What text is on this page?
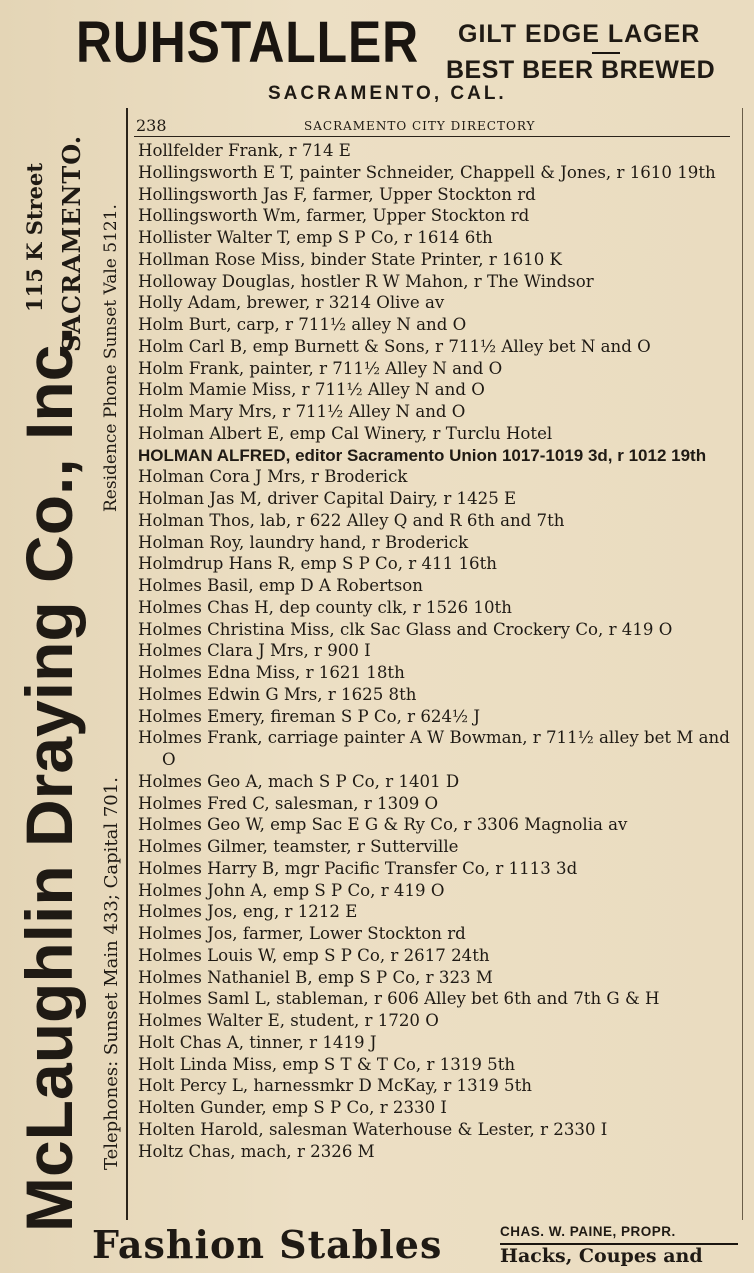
RUHSTALLER GILT EDGE LAGER
BEST BEER BREWED
SACRAMENTO, CAL.
McLaughlin Draying Co., Inc. Telephones: Sunset Main 433; Capital 701.
Residence Phone Sunset Vale 5121.
115 K Street SACRAMENTO.
238	SACRAMENTO CITY DIRECTORY
Hollfelder Frank, r 714 E
Hollingsworth E T, painter Schneider, Chappell & Jones, r 1610 19th
Hollingsworth Jas F, farmer, Upper Stockton rd
Hollingsworth Wm, farmer, Upper Stockton rd
Hollister Walter T, emp S P Co, r 1614 6th
Hollman Rose Miss, binder State Printer, r 1610 K
Holloway Douglas, hostler R W Mahon, r The Windsor
Holly Adam, brewer, r 3214 Olive av
Holm Burt, carp, r 711½ alley N and O
Holm Carl B, emp Burnett & Sons, r 711½ Alley bet N and O
Holm Frank, painter, r 711½ Alley N and O
Holm Mamie Miss, r 711½ Alley N and O
Holm Mary Mrs, r 711½ Alley N and O
Holman Albert E, emp Cal Winery, r Turclu Hotel
HOLMAN ALFRED, editor Sacramento Union 1017-1019 3d, r 1012 19th
Holman Cora J Mrs, r Broderick
Holman Jas M, driver Capital Dairy, r 1425 E
Holman Thos, lab, r 622 Alley Q and R 6th and 7th
Holman Roy, laundry hand, r Broderick
Holmdrup Hans R, emp S P Co, r 411 16th
Holmes Basil, emp D A Robertson
Holmes Chas H, dep county clk, r 1526 10th
Holmes Christina Miss, clk Sac Glass and Crockery Co, r 419 O
Holmes Clara J Mrs, r 900 I
Holmes Edna Miss, r 1621 18th
Holmes Edwin G Mrs, r 1625 8th
Holmes Emery, fireman S P Co, r 624½ J
Holmes Frank, carriage painter A W Bowman, r 711½ alley bet M and O
Holmes Geo A, mach S P Co, r 1401 D
Holmes Fred C, salesman, r 1309 O
Holmes Geo W, emp Sac E G & Ry Co, r 3306 Magnolia av
Holmes Gilmer, teamster, r Sutterville
Holmes Harry B, mgr Pacific Transfer Co, r 1113 3d
Holmes John A, emp S P Co, r 419 O
Holmes Jos, eng, r 1212 E
Holmes Jos, farmer, Lower Stockton rd
Holmes Louis W, emp S P Co, r 2617 24th
Holmes Nathaniel B, emp S P Co, r 323 M
Holmes Saml L, stableman, r 606 Alley bet 6th and 7th G & H
Holmes Walter E, student, r 1720 O
Holt Chas A, tinner, r 1419 J
Holt Linda Miss, emp S T & T Co, r 1319 5th
Holt Percy L, harnessmkr D McKay, r 1319 5th
Holten Gunder, emp S P Co, r 2330 I
Holten Harold, salesman Waterhouse & Lester, r 2330 I
Holtz Chas, mach, r 2326 M
Fashion Stables	CHAS. W. PAINE, PROPR.
Hacks, Coupes and
